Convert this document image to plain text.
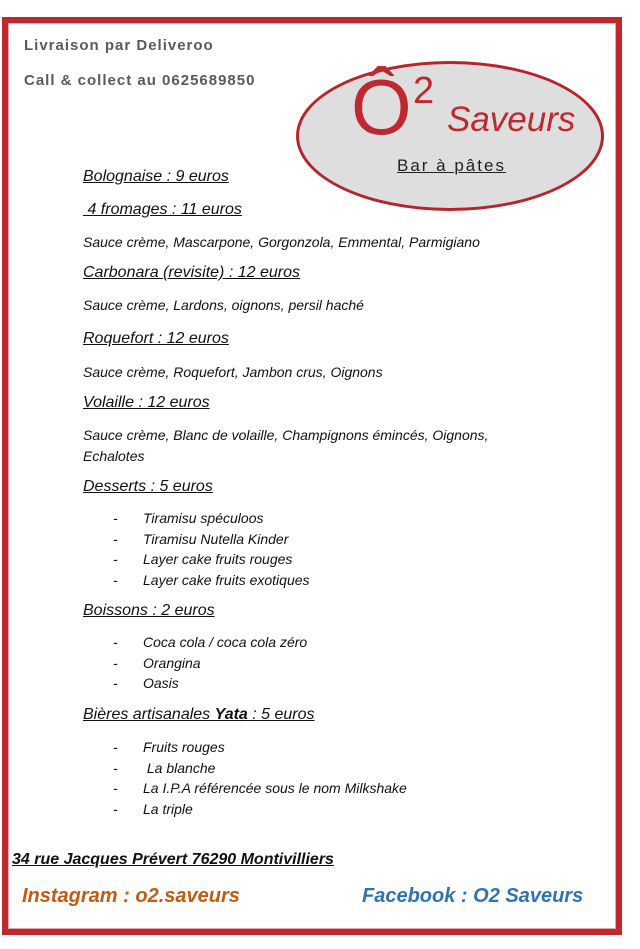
Livraison par Deliveroo
Call & collect au 0625689850 Ô 2
Saveurs
Bar à pâtes
Bolognaise : 9 euros
4 fromages : 11 euros
Sauce crème, Mascarpone, Gorgonzola, Emmental, Parmigiano
Carbonara (revisite) : 12 euros
Sauce crème, Lardons, oignons, persil haché
Roquefort : 12 euros
Sauce crème, Roquefort, Jambon crus, Oignons
Volaille : 12 euros
Sauce crème, Blanc de volaille, Champignons émincés, Oignons, Echalotes
Desserts : 5 euros
- Tiramisu spéculoos
- Tiramisu Nutella Kinder
- Layer cake fruits rouges
- Layer cake fruits exotiques
Boissons : 2 euros
- Coca cola / coca cola zéro
- Orangina
- Oasis
Bières artisanales Yata : 5 euros
- Fruits rouges
- La blanche
- La I.P.A référencée sous le nom Milkshake
- La triple
34 rue Jacques Prévert 76290 Montivilliers
Instagram : o2.saveurs	Facebook : O2 Saveurs
